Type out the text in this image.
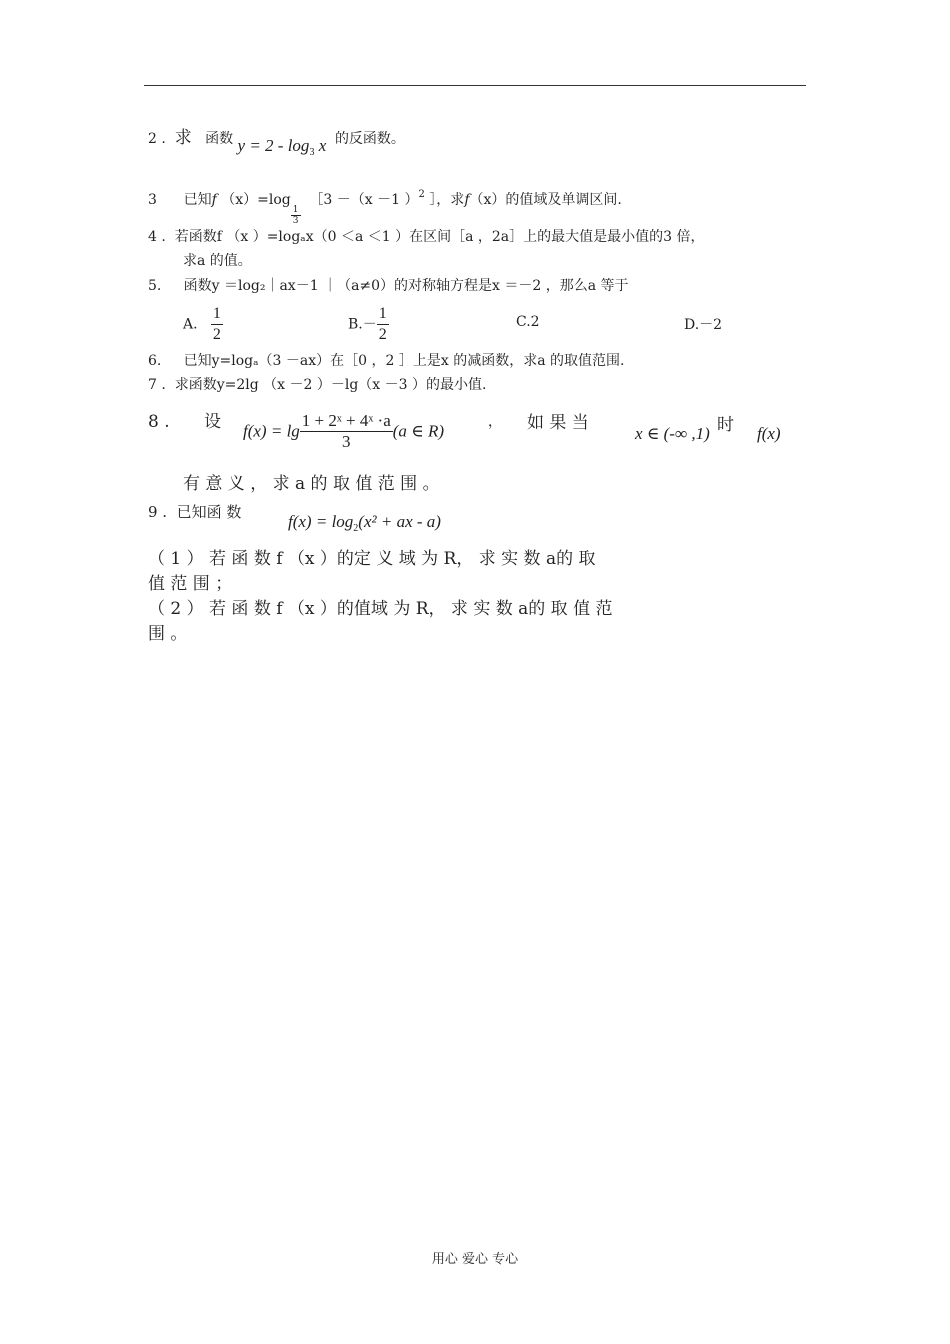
2 . 求 函数 $y = 2 - \log_3 x$ 的反函数。
3 已知f （x）=log
$\frac{1}{3}$
［3 －（x －1 ）$^2$ ］，求f（x）的值域及单调区间.
4 . 若函数f （x ）=logₐx（0 ＜a ＜1 ）在区间［a ，2a］上的最大值是最小值的3 倍，
求a 的值。
5. 函数y ＝log₂｜ax－1 ｜（a≠0）的对称轴方程是x ＝－2 ，那么a 等于
A. $\frac{1}{2}$	$B.- \frac{1}{2}$	C.2	D.－2
6. 已知y=logₐ（3 －ax）在［0 ，2 ］上是x 的减函数，求a 的取值范围.
7 . 求函数y=2lg （x －2 ）－lg（x －3 ）的最小值.
8 . 设 $f(x) = \lg \frac{\text{1 + 2ˣ + 4ˣ ·a}}{3} (a$ ∈ R)	， 如 果 当
x ∈ (-∞ ,1) 时 f(x)
有 意 义 ， 求 a 的 取 值 范 围 。
9 . 已知函 数	$f(x) = \log_2(x^2$ + ax - a)
（ 1 ） 若 函 数 f （x ）的定 义 域 为 R， 求 实 数 a的 取
值 范 围 ；
（ 2 ） 若 函 数 f （x ）的值域 为 R， 求 实 数 a的 取 值 范
围 。
用心 爱心 专心
